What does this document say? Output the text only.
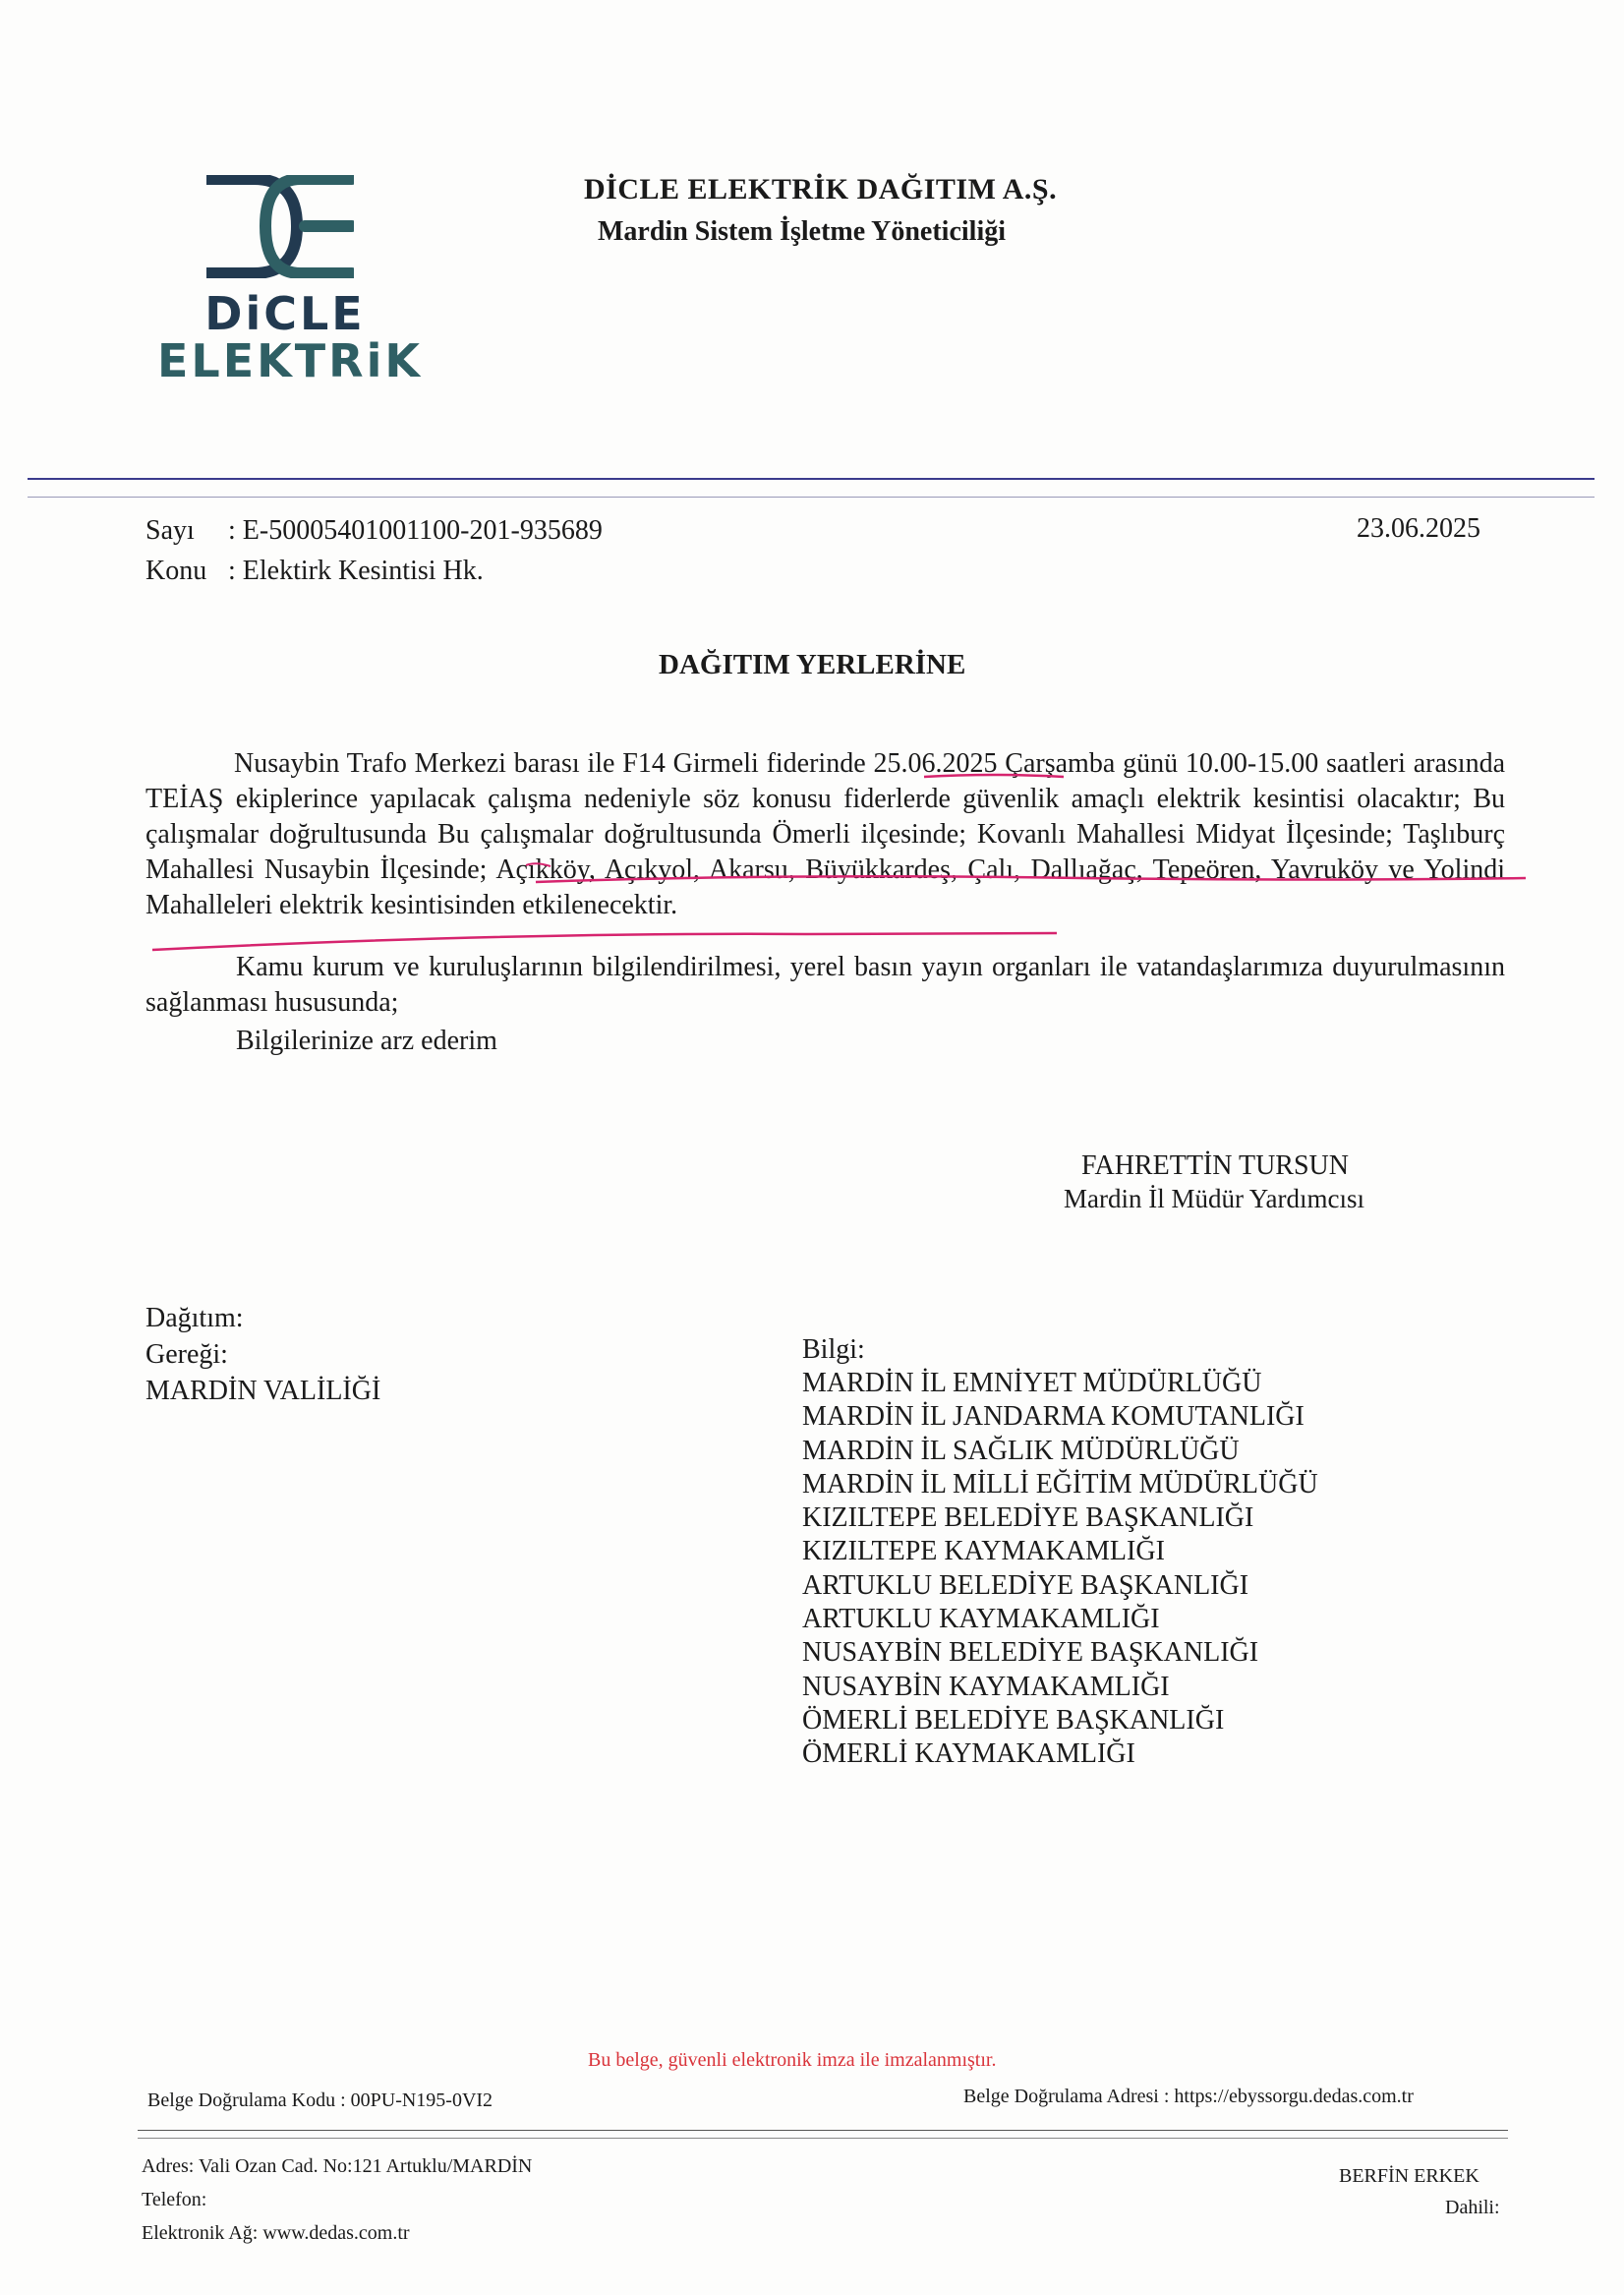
DiCLE
ELEKTRiK
DİCLE ELEKTRİK DAĞITIM A.Ş.
Mardin Sistem İşletme Yöneticiliği
Sayı : E-50005401001100-201-935689
Konu : Elektirk Kesintisi Hk.
23.06.2025
DAĞITIM YERLERİNE
Nusaybin Trafo Merkezi barası ile F14 Girmeli fiderinde 25.06.2025 Çarşamba günü 10.00-15.00 saatleri arasında TEİAŞ ekiplerince yapılacak çalışma nedeniyle söz konusu fiderlerde güvenlik amaçlı elektrik kesintisi olacaktır; Bu çalışmalar doğrultusunda Bu çalışmalar doğrultusunda Ömerli ilçesinde; Kovanlı Mahallesi Midyat İlçesinde; Taşlıburç Mahallesi Nusaybin İlçesinde; Açıkköy, Açıkyol, Akarsu, Büyükkardeş, Çalı, Dallıağaç, Tepeören, Yavruköy ve Yolindi Mahalleleri elektrik kesintisinden etkilenecektir.
Kamu kurum ve kuruluşlarının bilgilendirilmesi, yerel basın yayın organları ile vatandaşlarımıza duyurulmasının sağlanması hususunda;
Bilgilerinize arz ederim
FAHRETTİN TURSUN
Mardin İl Müdür Yardımcısı
Dağıtım:
Gereği:
MARDİN VALİLİĞİ
Bilgi:
MARDİN İL EMNİYET MÜDÜRLÜĞÜ
MARDİN İL JANDARMA KOMUTANLIĞI
MARDİN İL SAĞLIK MÜDÜRLÜĞÜ
MARDİN İL MİLLİ EĞİTİM MÜDÜRLÜĞÜ
KIZILTEPE BELEDİYE BAŞKANLIĞI
KIZILTEPE KAYMAKAMLIĞI
ARTUKLU BELEDİYE BAŞKANLIĞI
ARTUKLU KAYMAKAMLIĞI
NUSAYBİN BELEDİYE BAŞKANLIĞI
NUSAYBİN KAYMAKAMLIĞI
ÖMERLİ BELEDİYE BAŞKANLIĞI
ÖMERLİ KAYMAKAMLIĞI
Bu belge, güvenli elektronik imza ile imzalanmıştır.
Belge Doğrulama Kodu : 00PU-N195-0VI2	Belge Doğrulama Adresi : https://ebyssorgu.dedas.com.tr
Adres: Vali Ozan Cad. No:121 Artuklu/MARDİN
Telefon:
Elektronik Ağ: www.dedas.com.tr
BERFİN ERKEK
Dahili:
